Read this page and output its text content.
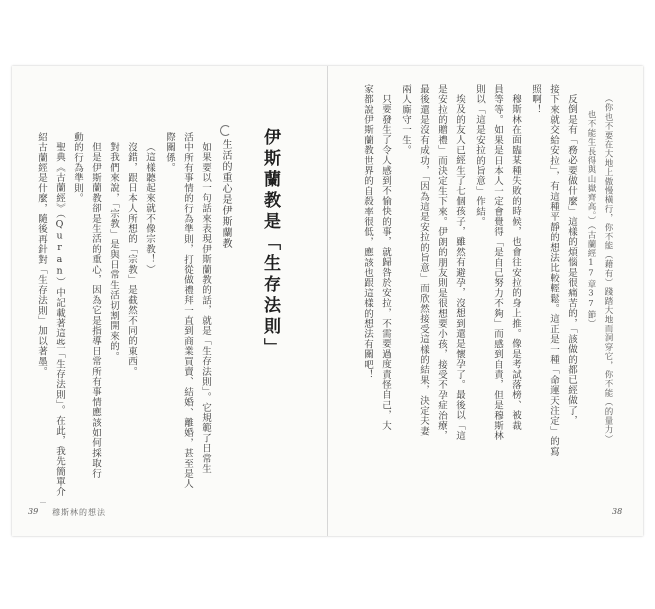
（你也不要在大地上傲慢橫行，你不能（藉有）踐踏大地而洞穿它，你不能（的量力）
也不能生長得與山嶽齊高。）（古蘭經17章37節）
反倒是有「務必要做什麼」這樣的煩惱是很痛苦的，「該做的都已經做了，
接下來就交給安拉」，有這種平靜的想法比較輕鬆。這正是一種「命運天注定」的寫
照啊！
穆斯林在面臨某種失敗的時候，也會往安拉的身上推。像是考試落榜、被裁
員等等。如果是日本人一定會覺得「是自己努力不夠」而感到自責，但是穆斯林
則以「這是安拉的旨意」作結。
埃及的友人已經生了七個孩子，雖然有避孕，沒想到還是懷孕了。最後以「這
是安拉的贈禮」而決定生下來。伊朗的朋友則是很想要小孩，接受不孕症治療，
最後還是沒有成功，「因為這是安拉的旨意」而欣然接受這樣的結果，決定夫妻
兩人廝守一生。
只要發生了令人感到不愉快的事，就歸咎於安拉，不需要過度責怪自己，大
家都說伊斯蘭教世界的自殺率很低，應該也跟這樣的想法有關吧！
伊斯蘭教是「生存法則」
生活的重心是伊斯蘭教
如果要以一句話來表現伊斯蘭教的話，就是「生存法則」。它規範了日常生
活中所有事情的行為準則，打從做禮拜一直到商業買賣、結婚、離婚，甚至是人
際關係。
（這樣聽起來就不像宗教！）
沒錯，跟日本人所想的「宗教」是截然不同的東西。
對我們來說，「宗教」是與日常生活切割開來的。
但是伊斯蘭教卻是生活的重心，因為它是指導日常所有事情應該如何採取行
動的行為準則。
聖典《古蘭經》（Quran）中記載著這些「生存法則」。在此，我先簡單介
紹古蘭經是什麼，隨後再針對「生存法則」加以著墨。
39 穆斯林的想法	38
